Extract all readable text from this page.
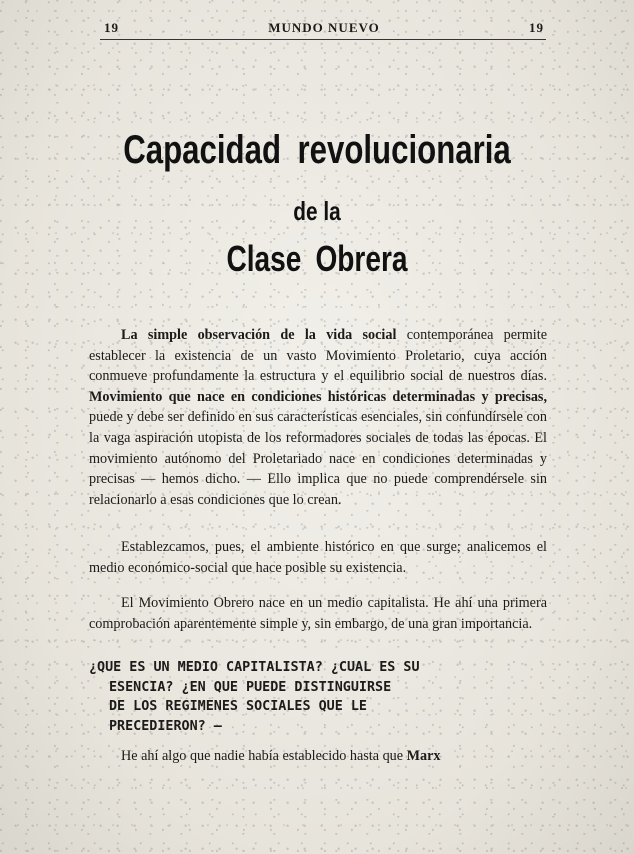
19	MUNDO NUEVO	19
Capacidad revolucionaria
de la
Clase Obrera

La simple observación de la vida social contemporánea permite establecer la existencia de un vasto Movimiento Proletario, cuya acción conmueve profundamente la estructura y el equilibrio social de nuestros días. Movimiento que nace en condiciones históricas determinadas y precisas, puede y debe ser definido en sus características esenciales, sin confundírsele con la vaga aspiración utopista de los reformadores sociales de todas las épocas. El movimiento autónomo del Proletariado nace en condiciones determinadas y precisas — hemos dicho. — Ello implica que no puede comprendérsele sin relacionarlo a esas condiciones que lo crean.

Establezcamos, pues, el ambiente histórico en que surge; analicemos el medio económico-social que hace posible su existencia.

El Movimiento Obrero nace en un medio capitalista. He ahí una primera comprobación aparentemente simple y, sin embargo, de una gran importancia.

¿QUE ES UN MEDIO CAPITALISTA? ¿CUAL ES SU
ESENCIA? ¿EN QUE PUEDE DISTINGUIRSE
DE LOS REGIMENES SOCIALES QUE LE
PRECEDIERON? —

He ahí algo que nadie había establecido hasta que Marx
